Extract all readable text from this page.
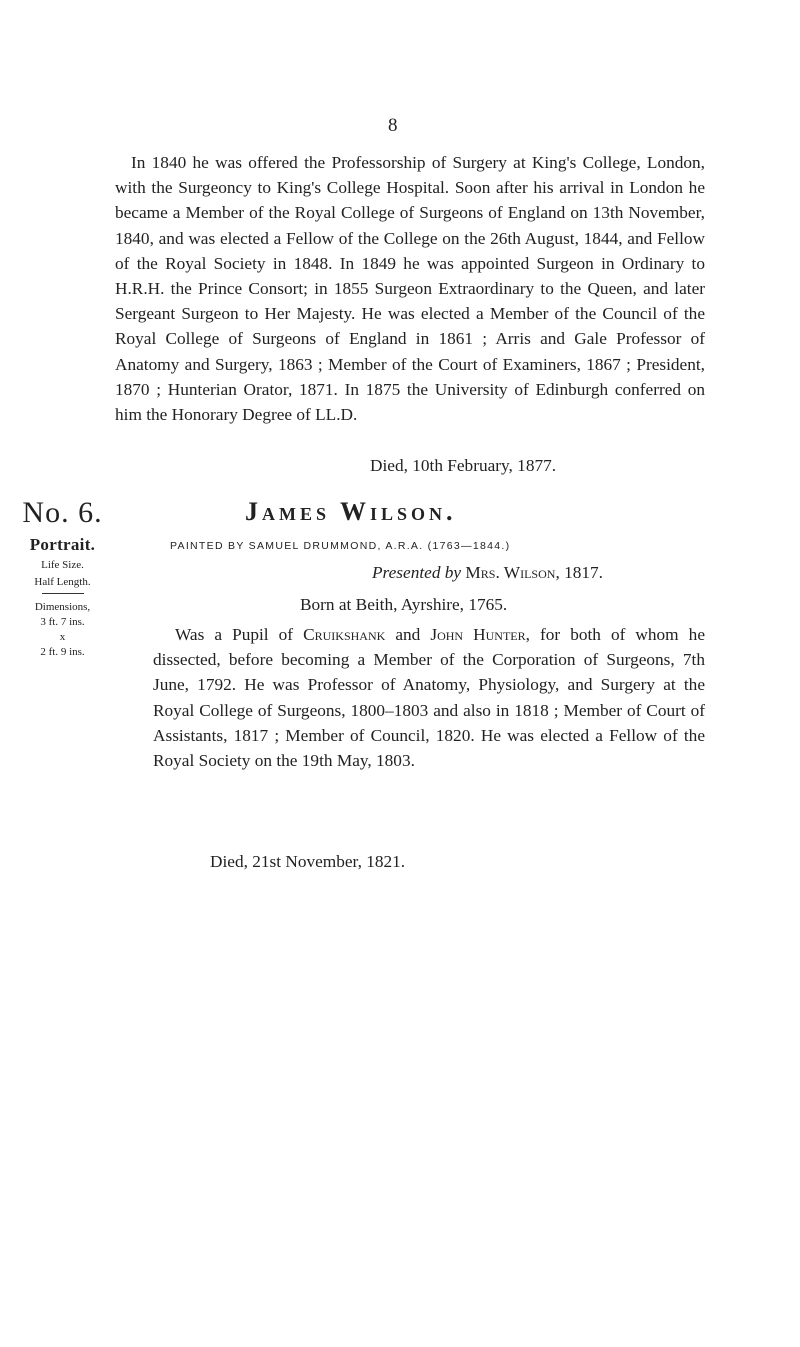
8

In 1840 he was offered the Professorship of Surgery at King's College, London, with the Surgeoncy to King's College Hospital. Soon after his arrival in London he became a Member of the Royal College of Surgeons of England on 13th November, 1840, and was elected a Fellow of the College on the 26th August, 1844, and Fellow of the Royal Society in 1848. In 1849 he was appointed Surgeon in Ordinary to H.R.H. the Prince Consort; in 1855 Surgeon Extraordinary to the Queen, and later Sergeant Surgeon to Her Majesty. He was elected a Member of the Council of the Royal College of Surgeons of England in 1861 ; Arris and Gale Professor of Anatomy and Surgery, 1863 ; Member of the Court of Examiners, 1867 ; President, 1870 ; Hunterian Orator, 1871. In 1875 the University of Edinburgh conferred on him the Honorary Degree of LL.D.

Died, 10th February, 1877.

No. 6.
Portrait.
Life Size.
Half Length.
Dimensions,
3 ft. 7 ins.
x
2 ft. 9 ins.
James Wilson.

PAINTED BY SAMUEL DRUMMOND, A.R.A. (1763—1844.)

Presented by Mrs. Wilson, 1817.

Born at Beith, Ayrshire, 1765.

Was a Pupil of Cruikshank and John Hunter, for both of whom he dissected, before becoming a Member of the Corporation of Surgeons, 7th June, 1792. He was Professor of Anatomy, Physiology, and Surgery at the Royal College of Surgeons, 1800–1803 and also in 1818 ; Member of Court of Assistants, 1817 ; Member of Council, 1820. He was elected a Fellow of the Royal Society on the 19th May, 1803.

Died, 21st November, 1821.
